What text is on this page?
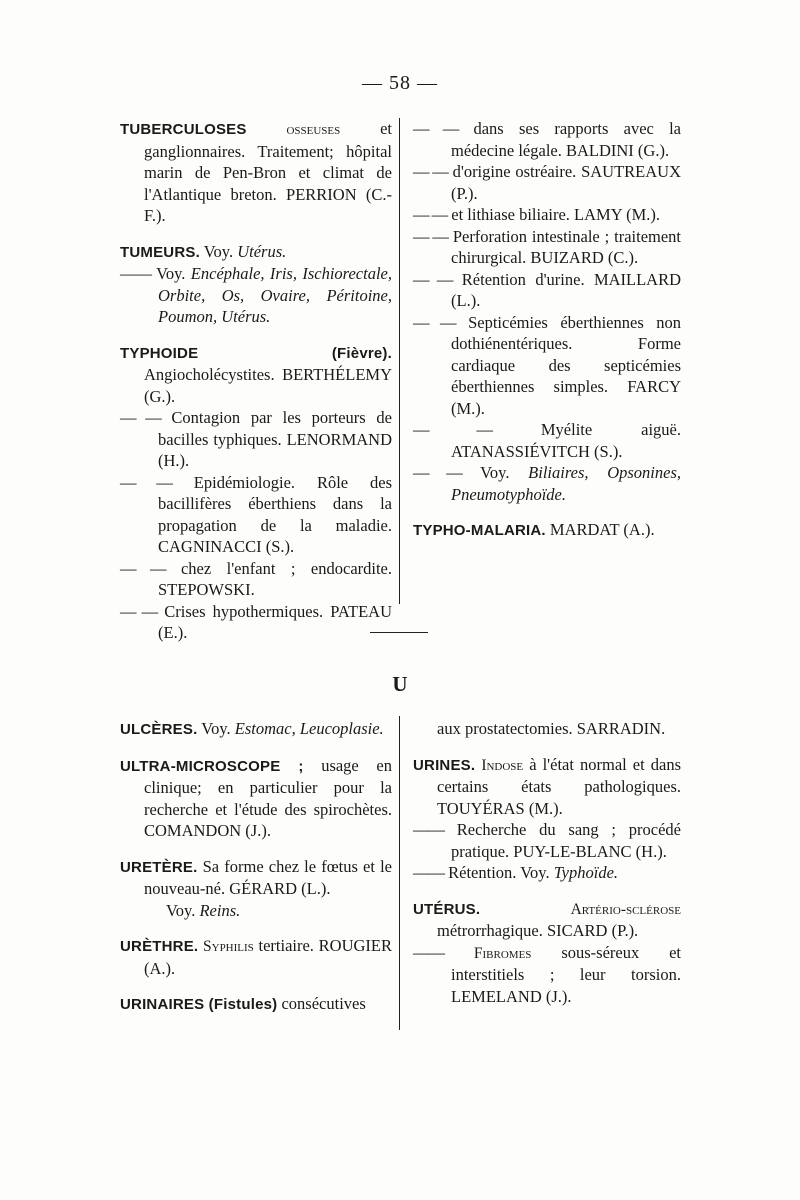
— 58 —

TUBERCULOSES	osseuses et ganglionnaires. Traitement; hôpital marin de Pen-Bron et climat de l'Atlantique breton. PERRION (C.-F.).

TUMEURS. Voy. Utérus.

—— Voy. Encéphale, Iris, Ischiorectale, Orbite, Os, Ovaire, Péritoine, Poumon, Utérus.

TYPHOIDE (Fièvre). Angiocholécystites. BERTHÉLEMY (G.).

— — Contagion par les porteurs de bacilles typhiques. LENORMAND (H.).

— — Epidémiologie. Rôle des bacillifères éberthiens dans la propagation de la maladie. CAGNINACCI (S.).

— — chez l'enfant ; endocardite. STEPOWSKI.

— — Crises hypothermiques. PATEAU (E.).

— — dans ses rapports avec la médecine légale. BALDINI (G.).

— — d'origine ostréaire. SAUTREAUX (P.).

— — et lithiase biliaire. LAMY (M.).

— — Perforation intestinale ; traitement chirurgical. BUIZARD (C.).

— — Rétention d'urine. MAILLARD (L.).

— — Septicémies éberthiennes non dothiénentériques. Forme cardiaque des septicémies éberthiennes simples. FARCY (M.).

— —	Myélite aiguë. ATANASSIÉVITCH (S.).

— — Voy. Biliaires, Opsonines, Pneumotyphoïde.

TYPHO-MALARIA. MARDAT (A.).

U

ULCÈRES. Voy. Estomac, Leucoplasie.

ULTRA-MICROSCOPE ; usage en clinique; en particulier pour la recherche et l'étude des spirochètes. COMANDON (J.).

URETÈRE. Sa forme chez le fœtus et le nouveau-né. GÉRARD (L.).

Voy. Reins.

URÈTHRE. Syphilis tertiaire. ROUGIER (A.).

URINAIRES (Fistules) consécutives

aux prostatectomies. SARRADIN.

URINES. Indose à l'état normal et dans certains états pathologiques. TOUYÉRAS (M.).

—— Recherche du sang ; procédé pratique. PUY-LE-BLANC (H.).

—— Rétention. Voy. Typhoïde.

UTÉRUS.	Artério-sclérose métrorrhagique. SICARD (P.).

—— Fibromes sous-séreux et interstitiels ; leur torsion. LEMELAND (J.).
